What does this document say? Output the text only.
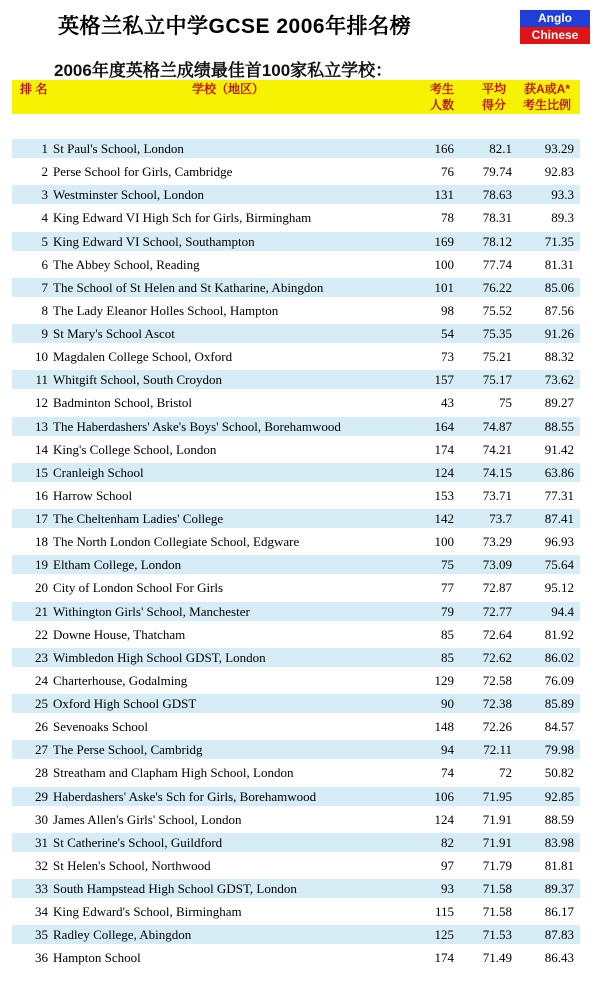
英格兰私立中学GCSE 2006年排名榜	Anglo
Chinese
2006年度英格兰成绩最佳首100家私立学校：
排 名	学校（地区）	考生
人数
平均
得分
获A或A*
考生比例
1 St Paul's School, London	166	82.1	93.29
2 Perse School for Girls, Cambridge	76	79.74	92.83
3 Westminster School, London	131	78.63	93.3
4 King Edward VI High Sch for Girls, Birmingham	78	78.31	89.3
5 King Edward VI School, Southampton	169	78.12	71.35
6 The Abbey School, Reading	100	77.74	81.31
7 The School of St Helen and St Katharine, Abingdon	101	76.22	85.06
8 The Lady Eleanor Holles School, Hampton	98	75.52	87.56
9 St Mary's School Ascot	54	75.35	91.26
10 Magdalen College School, Oxford	73	75.21	88.32
11 Whitgift School, South Croydon	157	75.17	73.62
12 Badminton School, Bristol	43	75	89.27
13 The Haberdashers' Aske's Boys' School, Borehamwood	164	74.87	88.55
14 King's College School, London	174	74.21	91.42
15 Cranleigh School	124	74.15	63.86
16 Harrow School	153	73.71	77.31
17 The Cheltenham Ladies' College	142	73.7	87.41
18 The North London Collegiate School, Edgware	100	73.29	96.93
19 Eltham College, London	75	73.09	75.64
20 City of London School For Girls	77	72.87	95.12
21 Withington Girls' School, Manchester	79	72.77	94.4
22 Downe House, Thatcham	85	72.64	81.92
23 Wimbledon High School GDST, London	85	72.62	86.02
24 Charterhouse, Godalming	129	72.58	76.09
25 Oxford High School GDST	90	72.38	85.89
26 Sevenoaks School	148	72.26	84.57
27 The Perse School, Cambridg	94	72.11	79.98
28 Streatham and Clapham High School, London	74	72	50.82
29 Haberdashers' Aske's Sch for Girls, Borehamwood	106	71.95	92.85
30 James Allen's Girls' School, London	124	71.91	88.59
31 St Catherine's School, Guildford	82	71.91	83.98
32 St Helen's School, Northwood	97	71.79	81.81
33 South Hampstead High School GDST, London	93	71.58	89.37
34 King Edward's School, Birmingham	115	71.58	86.17
35 Radley College, Abingdon	125	71.53	87.83
36 Hampton School	174	71.49	86.43
